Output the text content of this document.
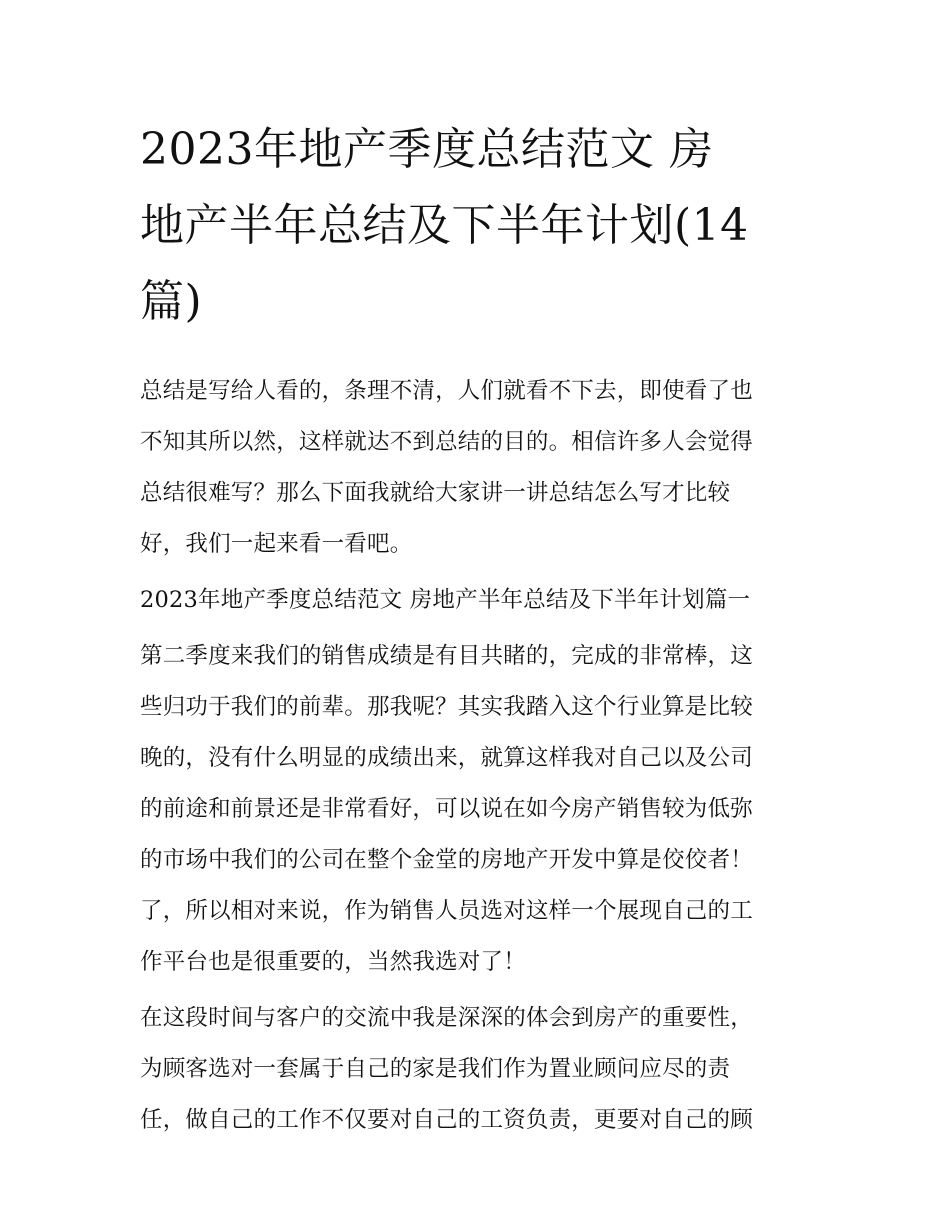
2023年地产季度总结范文 房
地产半年总结及下半年计划(14
篇)

总结是写给人看的，条理不清，人们就看不下去，即使看了也
不知其所以然，这样就达不到总结的目的。相信许多人会觉得
总结很难写？那么下面我就给大家讲一讲总结怎么写才比较
好，我们一起来看一看吧。

2023年地产季度总结范文 房地产半年总结及下半年计划篇一

第二季度来我们的销售成绩是有目共睹的，完成的非常棒，这
些归功于我们的前辈。那我呢？其实我踏入这个行业算是比较
晚的，没有什么明显的成绩出来，就算这样我对自己以及公司
的前途和前景还是非常看好，可以说在如今房产销售较为低弥
的市场中我们的公司在整个金堂的房地产开发中算是佼佼者！
了，所以相对来说，作为销售人员选对这样一个展现自己的工
作平台也是很重要的，当然我选对了！

在这段时间与客户的交流中我是深深的体会到房产的重要性，
为顾客选对一套属于自己的家是我们作为置业顾问应尽的责
任，做自己的工作不仅要对自己的工资负责，更要对自己的顾
